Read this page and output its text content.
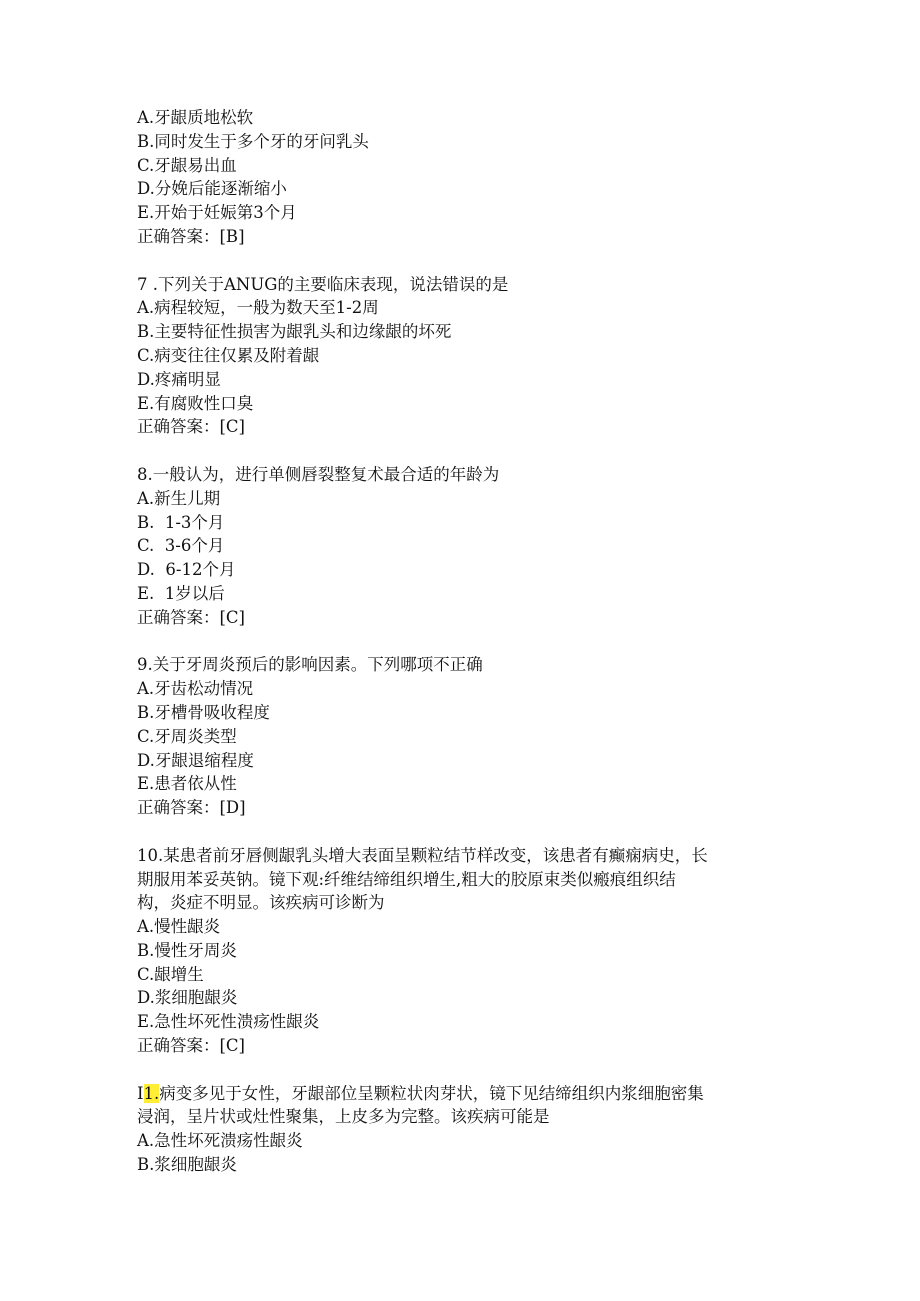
A.牙龈质地松软
B.同时发生于多个牙的牙问乳头
C.牙龈易出血
D.分娩后能逐渐缩小
E.开始于妊娠第3个月
正确答案：[B]
7 .下列关于ANUG的主要临床表现，说法错误的是
A.病程较短，一般为数天至1-2周
B.主要特征性损害为龈乳头和边缘龈的坏死
C.病变往往仅累及附着龈
D.疼痛明显
E.有腐败性口臭
正确答案：[C]
8.一般认为，进行单侧唇裂整复术最合适的年龄为
A.新生儿期
B.  1-3个月
C.  3-6个月
D.  6-12个月
E.  1岁以后
正确答案：[C]
9.关于牙周炎预后的影响因素。下列哪项不正确
A.牙齿松动情况
B.牙槽骨吸收程度
C.牙周炎类型
D.牙龈退缩程度
E.患者依从性
正确答案：[D]
10.某患者前牙唇侧龈乳头增大表面呈颗粒结节样改变，该患者有癫痫病史，长
期服用苯妥英钠。镜下观:纤维结缔组织增生,粗大的胶原束类似瘢痕组织结
构，炎症不明显。该疾病可诊断为
A.慢性龈炎
B.慢性牙周炎
C.龈增生
D.浆细胞龈炎
E.急性坏死性溃疡性龈炎
正确答案：[C]
I1.病变多见于女性，牙龈部位呈颗粒状肉芽状，镜下见结缔组织内浆细胞密集
浸润，呈片状或灶性聚集，上皮多为完整。该疾病可能是
A.急性坏死溃疡性龈炎
B.浆细胞龈炎
